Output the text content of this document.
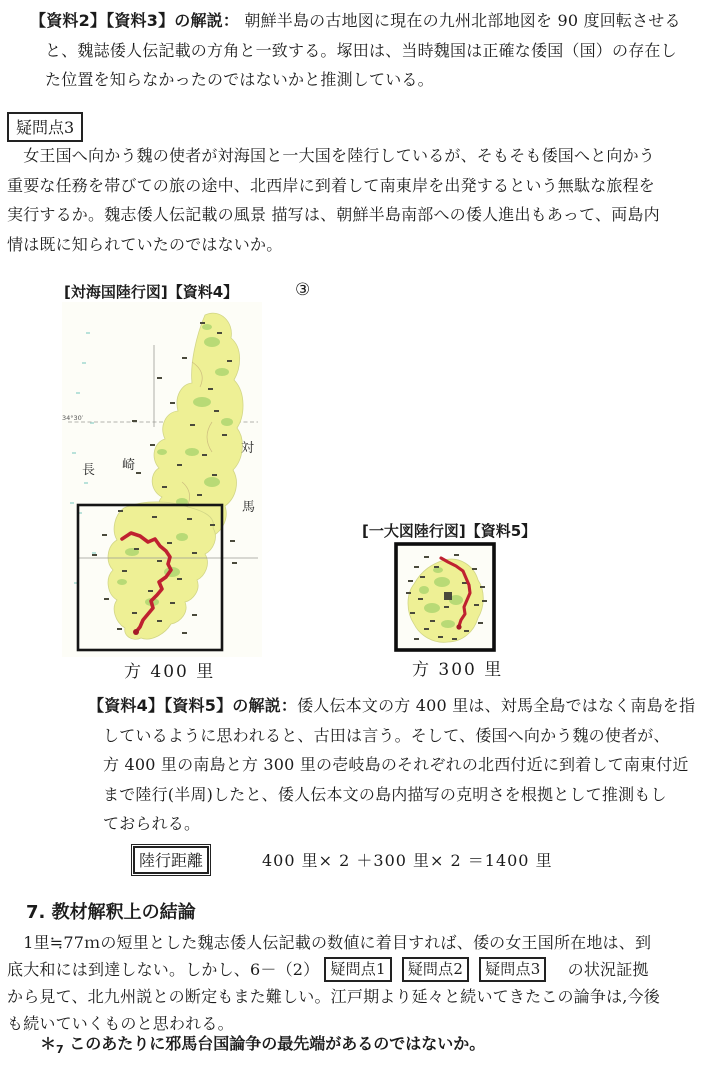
【資料2】【資料3】の解説： 朝鮮半島の古地図に現在の九州北部地図を 90 度回転させる
と、魏誌倭人伝記載の方角と一致する。塚田は、当時魏国は正確な倭国（国）の存在し
た位置を知らなかったのではないかと推測している。
疑問点3
　女王国へ向かう魏の使者が対海国と一大国を陸行しているが、そもそも倭国へと向かう
重要な任務を帯びての旅の途中、北西岸に到着して南東岸を出発するという無駄な旅程を
実行するか。魏志倭人伝記載の風景 描写は、朝鮮半島南部への倭人進出もあって、両島内
情は既に知られていたのではないか。
[対海国陸行図]【資料4】	③
34°30′
長 崎
対
馬
方 400 里
[一大図陸行図]【資料5】
方 300 里
【資料4】【資料5】の解説：倭人伝本文の方 400 里は、対馬全島ではなく南島を指
しているように思われると、古田は言う。そして、倭国へ向かう魏の使者が、
方 400 里の南島と方 300 里の壱岐島のそれぞれの北西付近に到着して南東付近
まで陸行(半周)したと、倭人伝本文の島内描写の克明さを根拠として推測もし
ておられる。
陸行距離	400 里× 2 ＋300 里× 2 ＝1400 里
7. 教材解釈上の結論
　1里≒77ｍの短里とした魏志倭人伝記載の数値に着目すれば、倭の女王国所在地は、到
底大和には到達しない。しかし、6－（2） 疑問点1 疑問点2 疑問点3　の状況証拠
から見て、北九州説との断定もまた難しい。江戸期より延々と続いてきたこの論争は,今後
も続いていくものと思われる。
$*_7$ このあたりに邪馬台国論争の最先端があるのではないか。
